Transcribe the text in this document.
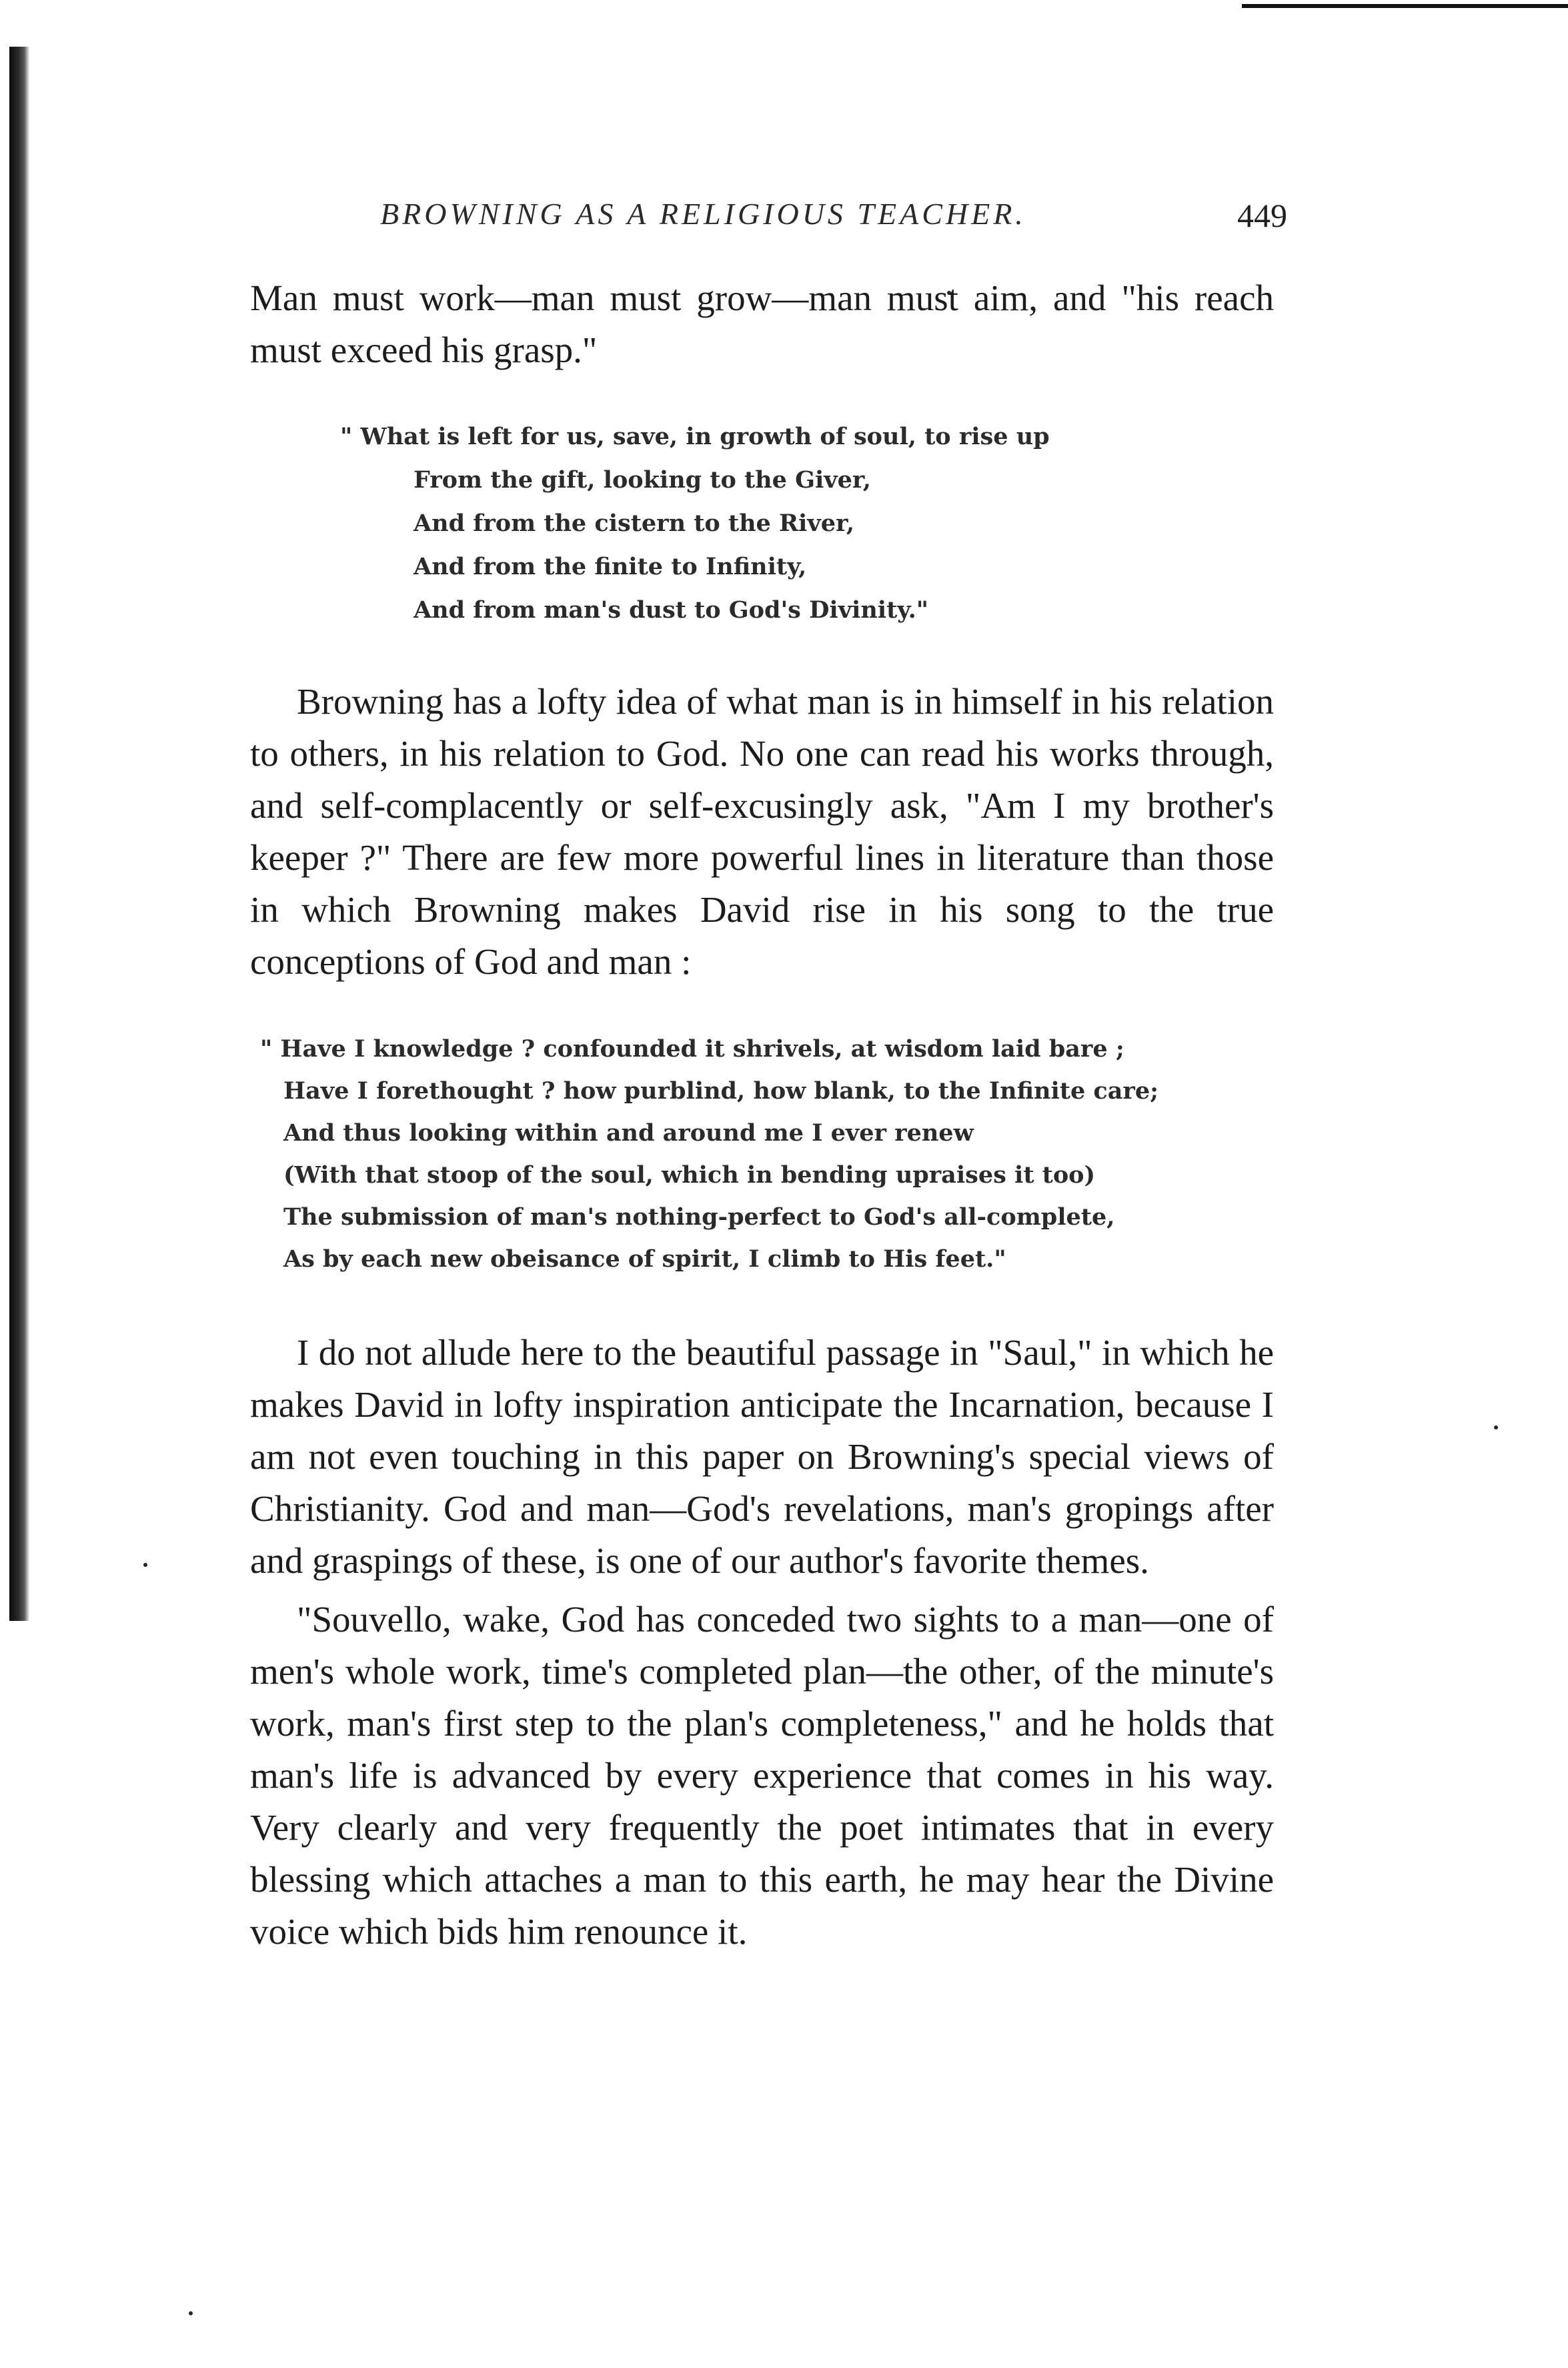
BROWNING AS A RELIGIOUS TEACHER.	449

Man must work—man must grow—man must aim, and "his reach must exceed his grasp."

" What is left for us, save, in growth of soul, to rise up
From the gift, looking to the Giver,
And from the cistern to the River,
And from the finite to Infinity,
And from man's dust to God's Divinity."

Browning has a lofty idea of what man is in himself in his relation to others, in his relation to God. No one can read his works through, and self-complacently or self-excusingly ask, "Am I my brother's keeper ?" There are few more powerful lines in literature than those in which Browning makes David rise in his song to the true conceptions of God and man :

" Have I knowledge ? confounded it shrivels, at wisdom laid bare ;
Have I forethought ? how purblind, how blank, to the Infinite care;
And thus looking within and around me I ever renew
(With that stoop of the soul, which in bending upraises it too)
The submission of man's nothing-perfect to God's all-complete,
As by each new obeisance of spirit, I climb to His feet."

I do not allude here to the beautiful passage in "Saul," in which he makes David in lofty inspiration anticipate the Incarnation, because I am not even touching in this paper on Browning's special views of Christianity. God and man—God's revelations, man's gropings after and graspings of these, is one of our author's favorite themes.

"Souvello, wake, God has conceded two sights to a man—one of men's whole work, time's completed plan—the other, of the minute's work, man's first step to the plan's completeness," and he holds that man's life is advanced by every experience that comes in his way. Very clearly and very frequently the poet intimates that in every blessing which attaches a man to this earth, he may hear the Divine voice which bids him renounce it.
